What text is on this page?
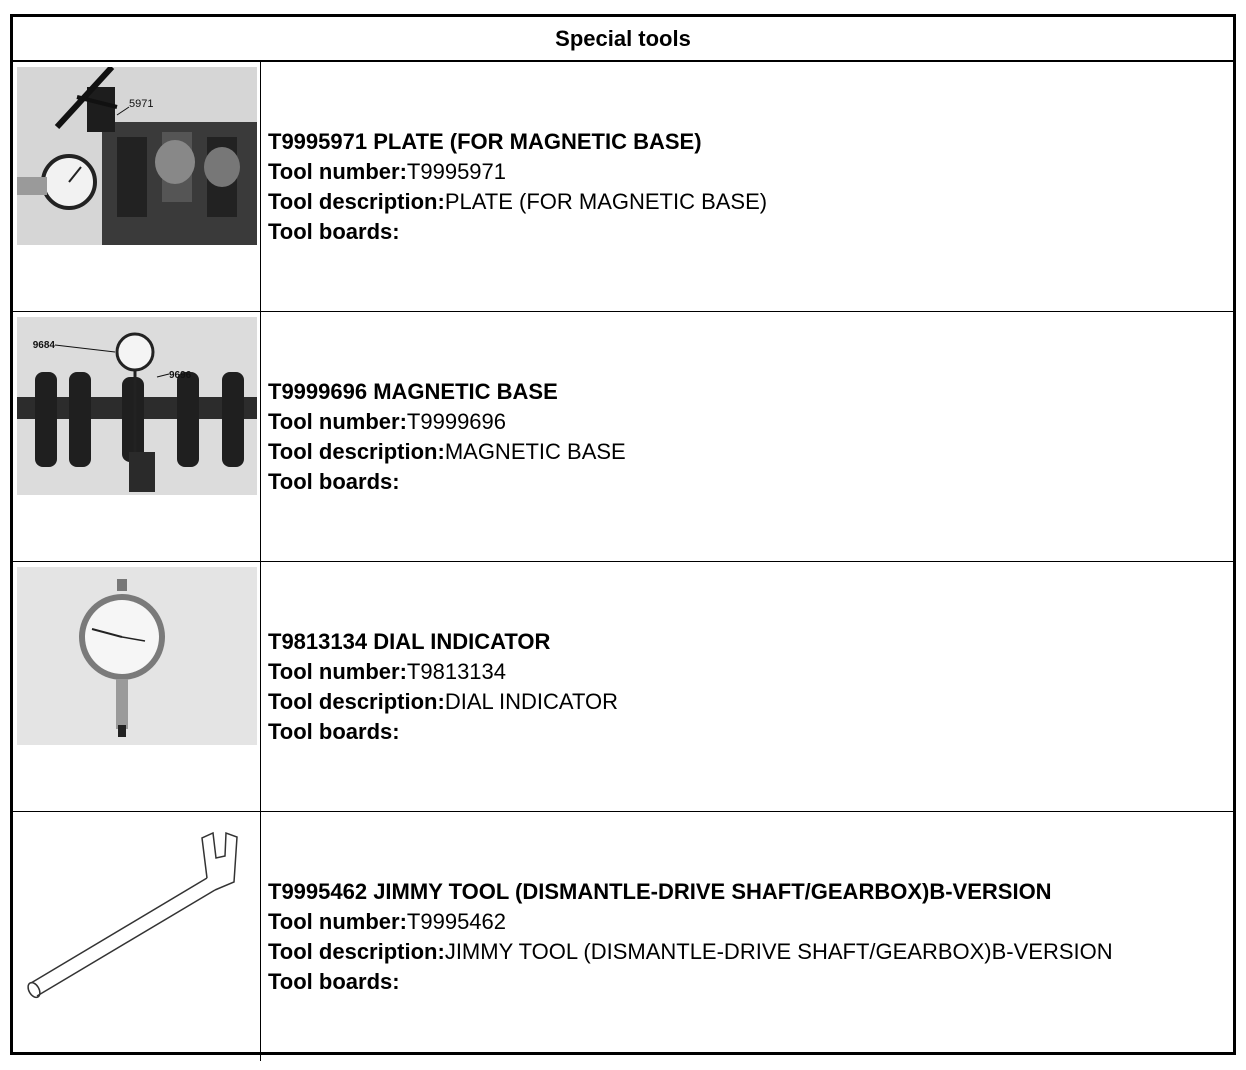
Special tools
5971
T9995971 PLATE (FOR MAGNETIC BASE)
Tool number:T9995971
Tool description:PLATE (FOR MAGNETIC BASE)
Tool boards:
9684
9696
T9999696 MAGNETIC BASE
Tool number:T9999696
Tool description:MAGNETIC BASE
Tool boards:
T9813134 DIAL INDICATOR
Tool number:T9813134
Tool description:DIAL INDICATOR
Tool boards:
T9995462 JIMMY TOOL (DISMANTLE-DRIVE SHAFT/GEARBOX)B-VERSION
Tool number:T9995462
Tool description:JIMMY TOOL (DISMANTLE-DRIVE SHAFT/GEARBOX)B-VERSION
Tool boards:
